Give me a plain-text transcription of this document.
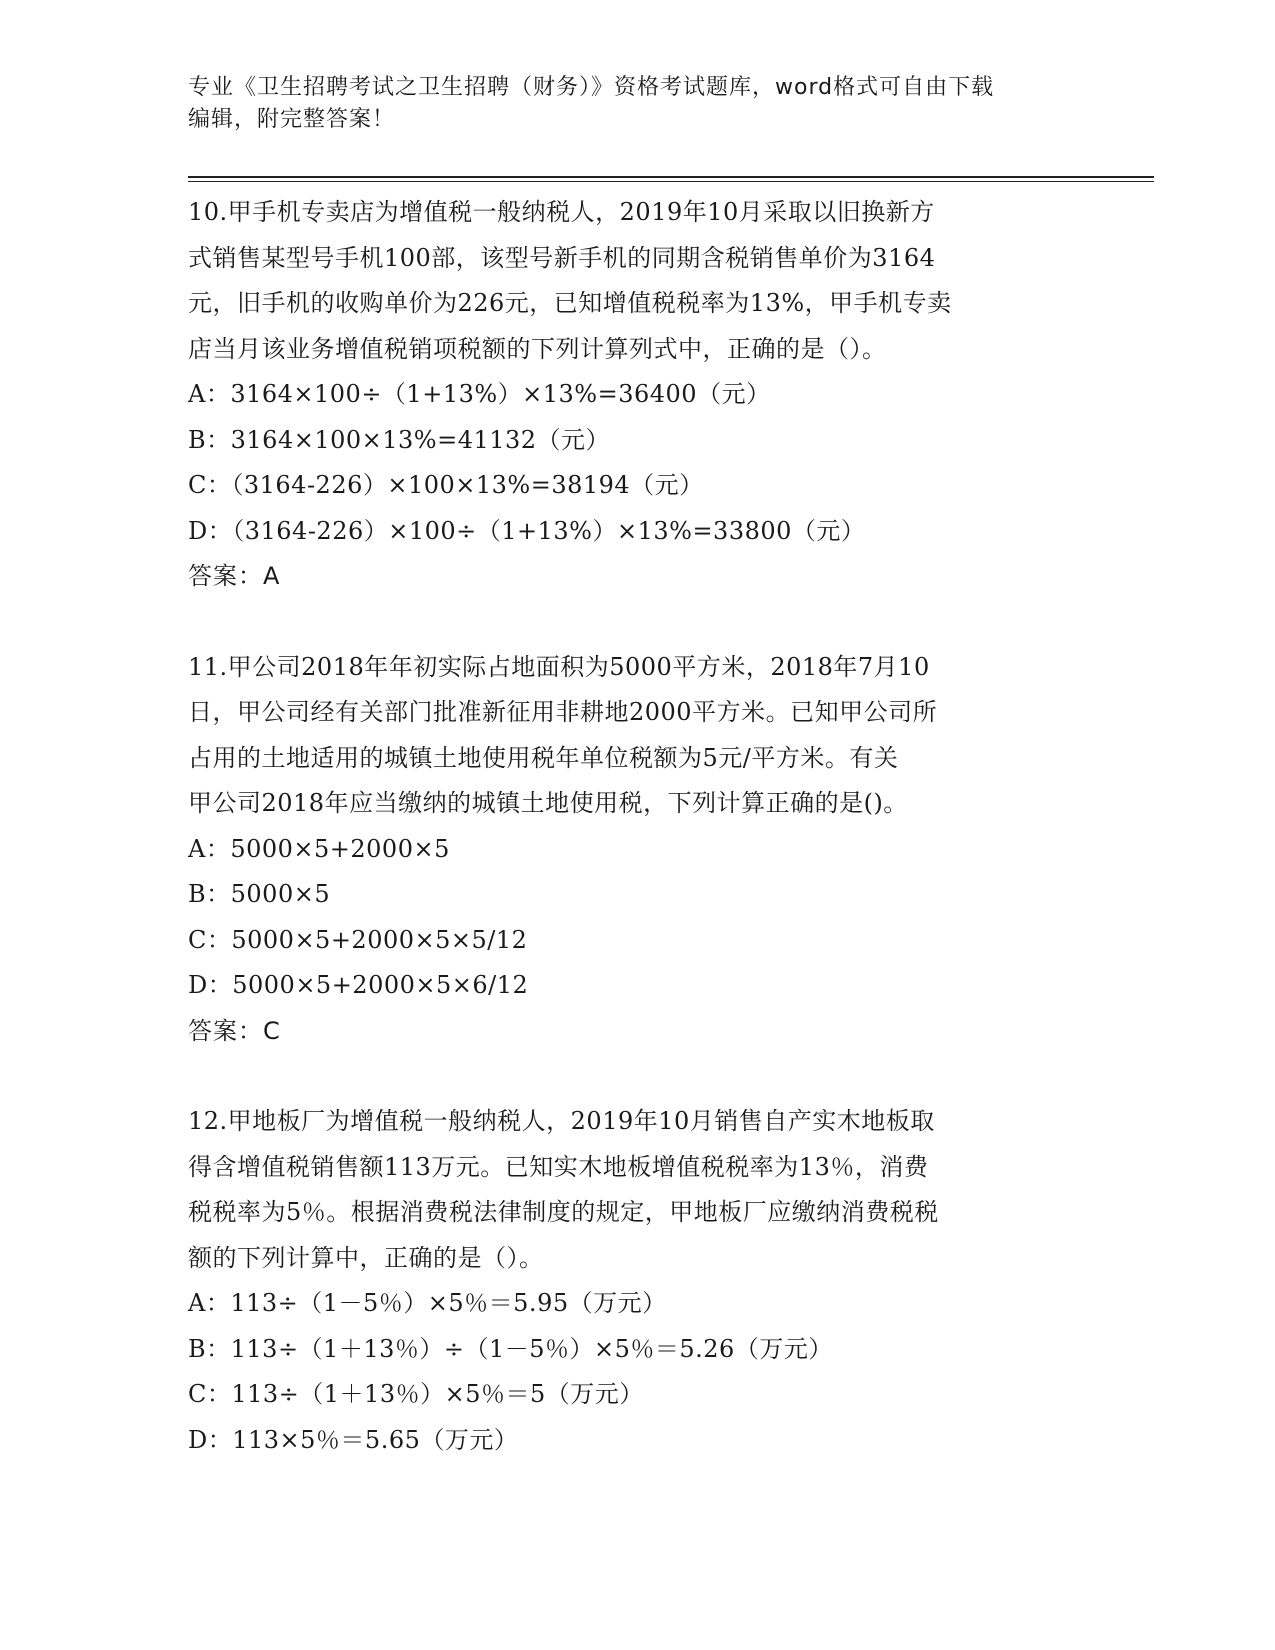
专业《卫生招聘考试之卫生招聘（财务）》资格考试题库，word格式可自由下载
编辑，附完整答案！
10.甲手机专卖店为增值税一般纳税人，2019年10月采取以旧换新方
式销售某型号手机100部，该型号新手机的同期含税销售单价为3164
元，旧手机的收购单价为226元，已知增值税税率为13%，甲手机专卖
店当月该业务增值税销项税额的下列计算列式中，正确的是（）。
A：3164×100÷（1+13%）×13%=36400（元）
B：3164×100×13%=41132（元）
C：（3164-226）×100×13%=38194（元）
D：（3164-226）×100÷（1+13%）×13%=33800（元）
答案：A
11.甲公司2018年年初实际占地面积为5000平方米，2018年7月10
日，甲公司经有关部门批准新征用非耕地2000平方米。已知甲公司所
占用的土地适用的城镇土地使用税年单位税额为5元/平方米。有关
甲公司2018年应当缴纳的城镇土地使用税，下列计算正确的是()。
A：5000×5+2000×5
B：5000×5
C：5000×5+2000×5×5/12
D：5000×5+2000×5×6/12
答案：C
12.甲地板厂为增值税一般纳税人，2019年10月销售自产实木地板取
得含增值税销售额113万元。已知实木地板增值税税率为13％，消费
税税率为5％。根据消费税法律制度的规定，甲地板厂应缴纳消费税税
额的下列计算中，正确的是（）。
A：113÷（1－5％）×5％＝5.95（万元）
B：113÷（1＋13％）÷（1－5％）×5％＝5.26（万元）
C：113÷（1＋13％）×5％＝5（万元）
D：113×5％＝5.65（万元）
